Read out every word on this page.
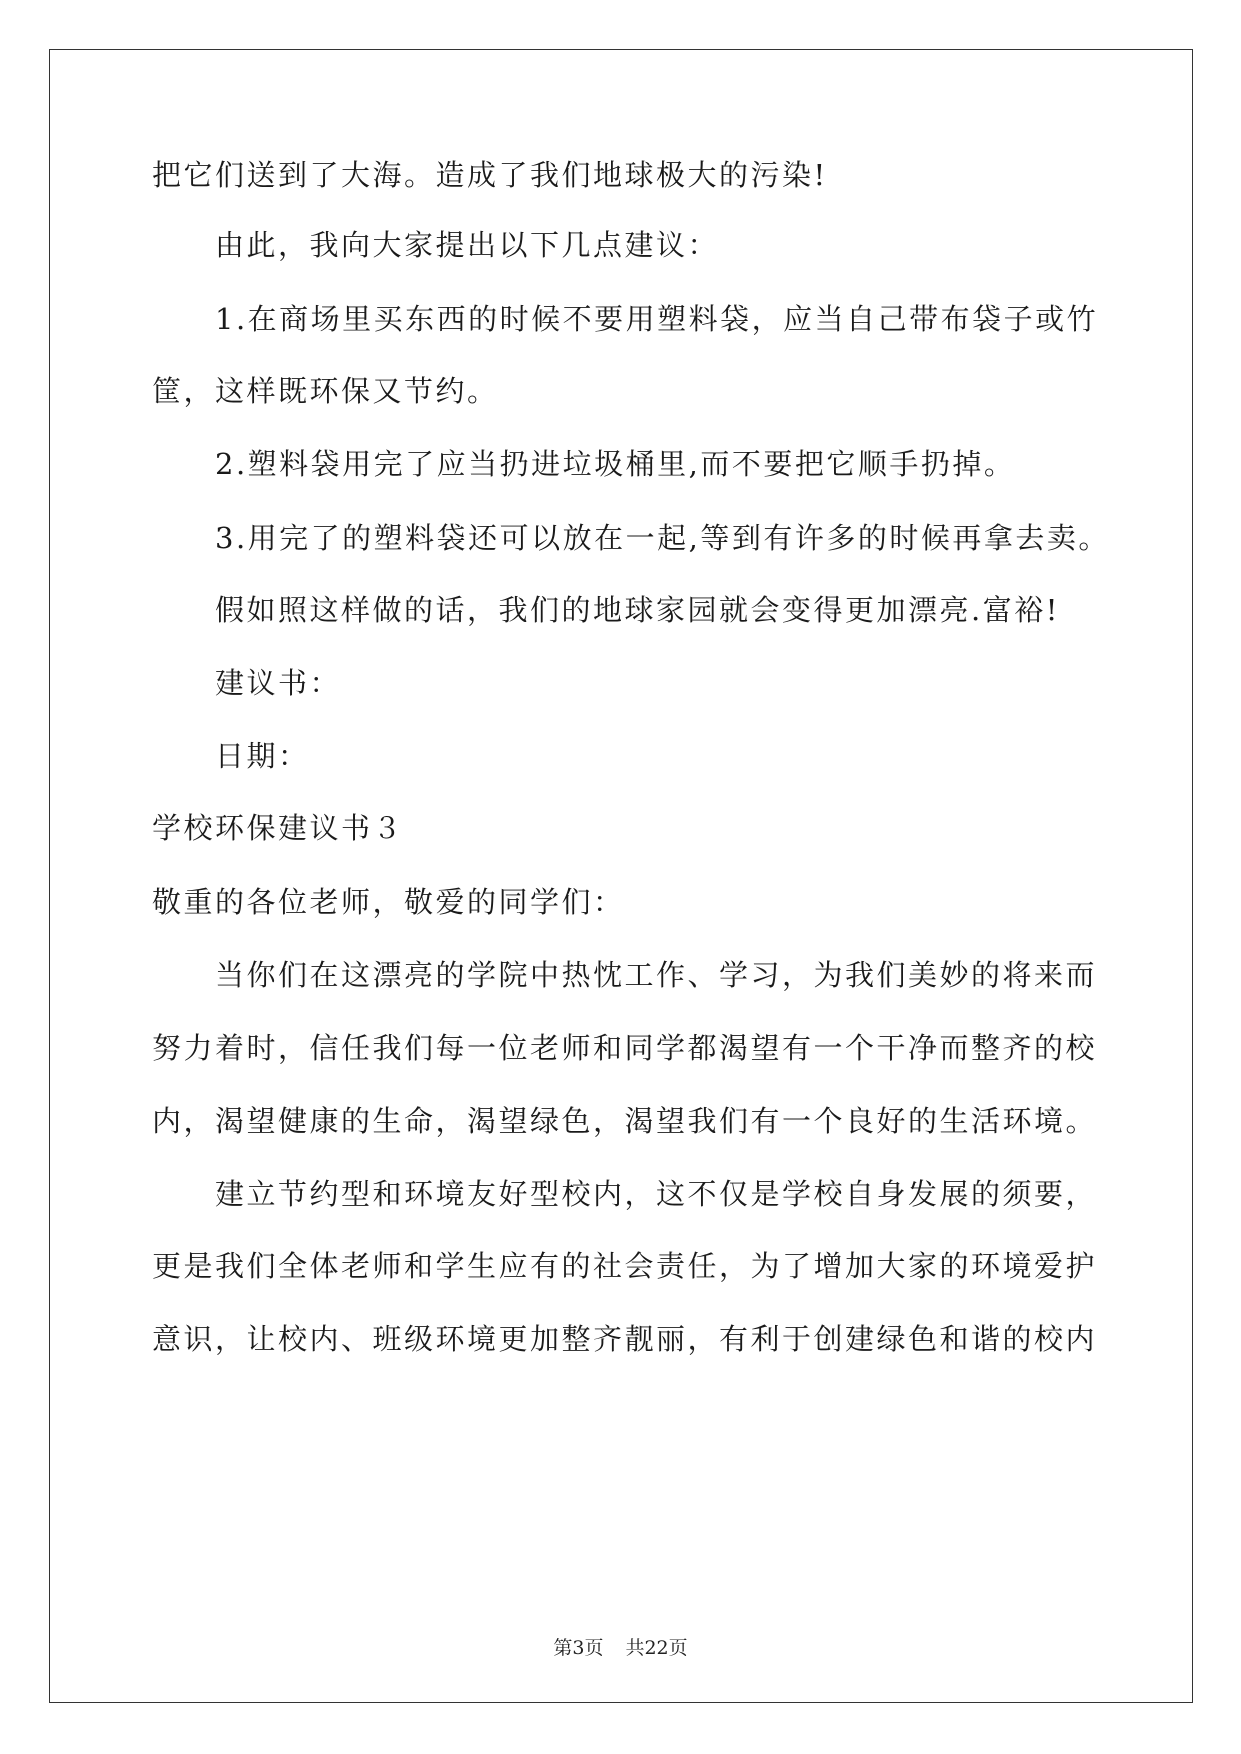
把它们送到了大海。造成了我们地球极大的污染!
由此，我向大家提出以下几点建议：
1.在商场里买东西的时候不要用塑料袋，应当自己带布袋子或竹
筐，这样既环保又节约。
2.塑料袋用完了应当扔进垃圾桶里,而不要把它顺手扔掉。
3.用完了的塑料袋还可以放在一起,等到有许多的时候再拿去卖。
假如照这样做的话，我们的地球家园就会变得更加漂亮.富裕!
建议书：
日期：
学校环保建议书３
敬重的各位老师，敬爱的同学们：
当你们在这漂亮的学院中热忱工作、学习，为我们美妙的将来而
努力着时，信任我们每一位老师和同学都渴望有一个干净而整齐的校
内，渴望健康的生命，渴望绿色，渴望我们有一个良好的生活环境。
建立节约型和环境友好型校内，这不仅是学校自身发展的须要，
更是我们全体老师和学生应有的社会责任，为了增加大家的环境爱护
意识，让校内、班级环境更加整齐靓丽，有利于创建绿色和谐的校内
第3页 共22页
